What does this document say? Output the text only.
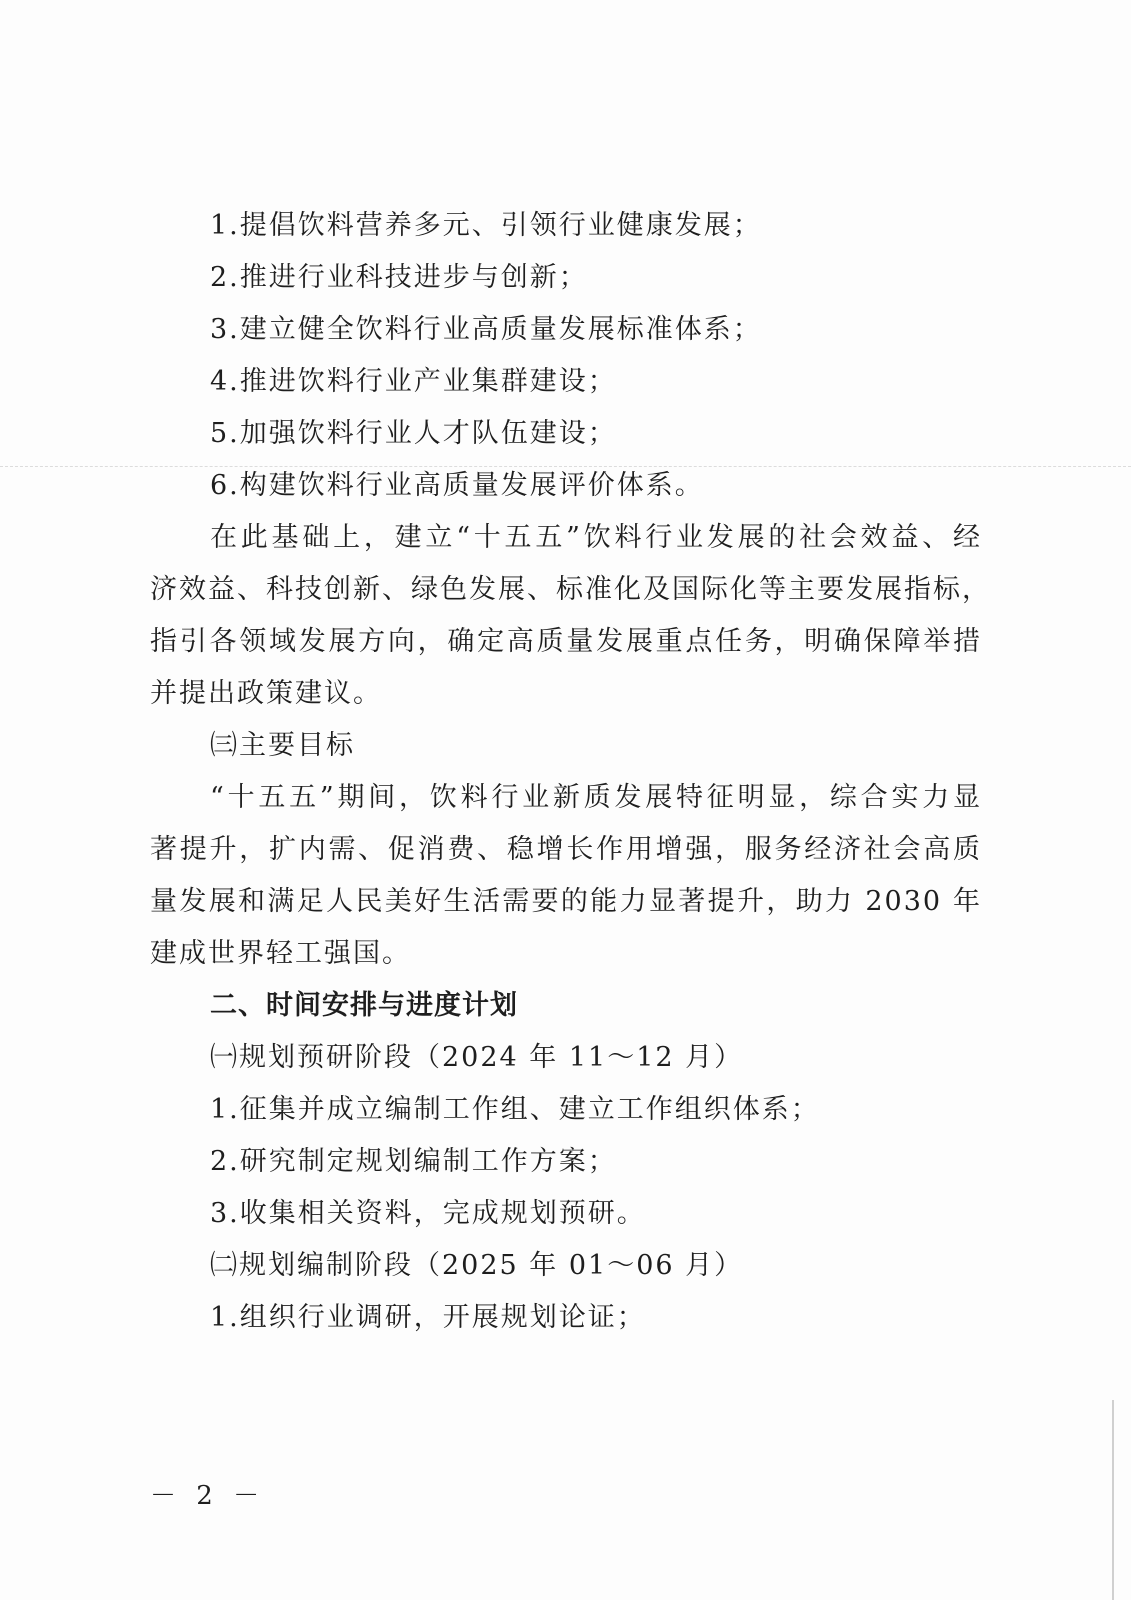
1.提倡饮料营养多元、引领行业健康发展；
2.推进行业科技进步与创新；
3.建立健全饮料行业高质量发展标准体系；
4.推进饮料行业产业集群建设；
5.加强饮料行业人才队伍建设；
6.构建饮料行业高质量发展评价体系。
在此基础上，建立“十五五”饮料行业发展的社会效益、经
济效益、科技创新、绿色发展、标准化及国际化等主要发展指标，
指引各领域发展方向，确定高质量发展重点任务，明确保障举措
并提出政策建议。
㈢主要目标
“十五五”期间，饮料行业新质发展特征明显，综合实力显
著提升，扩内需、促消费、稳增长作用增强，服务经济社会高质
量发展和满足人民美好生活需要的能力显著提升，助力 2030 年
建成世界轻工强国。
二、时间安排与进度计划
㈠规划预研阶段（2024 年 11～12 月）
1.征集并成立编制工作组、建立工作组织体系；
2.研究制定规划编制工作方案；
3.收集相关资料，完成规划预研。
㈡规划编制阶段（2025 年 01～06 月）
1.组织行业调研，开展规划论证；
－ 2 －
